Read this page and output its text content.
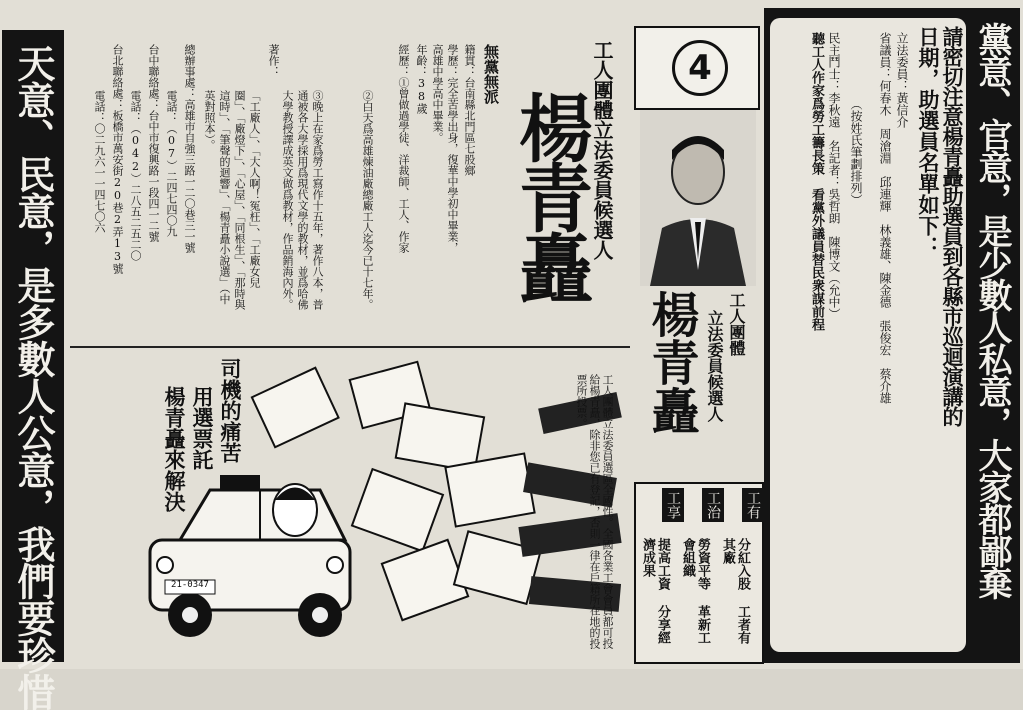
天意、民意，是多數人公意，我們要珍惜	工人團體立法委員候選人
楊青矗
無黨無派
籍貫：台南縣北門區七股鄉
學歷：完全苦學出身，復華中學初中畢業，高雄中學高中畢業。
年齡：38歲
經歷：①曾做過學徒、洋裁師、工人、作家
②白天爲高雄煉油廠總廠工人迄今已十七年。
③晚上在家爲勞工寫作十五年，著作八本，普通被各大學採用爲現代文學的教材，並爲哈佛大學教授譯成英文做爲教材，作品銷海內外。
著作：
「工廠人」、「大人啊！冤枉」、「工廠女兒圈」、「廠燈下」、「心屋」、「同根生」、「那時與這時」、「筆聲的迴響」、「楊青矗小說選」（中英對照本）。
總辦事處：高雄市自強三路一二〇巷三一號
電話：（07）二四七四〇九
台中聯絡處：台中市復興路一段四一二號
電話：（042）二八五二五二〇
台北聯絡處：板橋市萬安街20巷2弄13號
電話：〇二九六一一四七〇六
21-0347
司機的痛苦
用選票託
楊青矗來解決	工人團體立法委員選區全國性。全國各業工會會員都可投給楊青矗，除非您已有登記，否則一律在戶籍所在地的投票所投票。
4
工人團體
立法委員候選人
楊青矗
工有
分紅入股 工者有其廠
工治
勞資平等 革新工會組織
工享
提高工資 分享經濟成果
請密切注意楊青矗助選員到各縣市巡迴演講的
日期，助選員名單如下：
立法委員：黃信介
省議員：何春木　周滄淵　邱連輝　林義雄、陳金德　張俊宏　蔡介雄
（按姓氏筆劃排列）
民主鬥士：李秋遠　名記者：吳哲朗　陳博文（允中）
聽工人作家爲勞工籌長策　看黨外議員替民衆謀前程	黨意、官意，是少數人私意，大家都鄙棄
